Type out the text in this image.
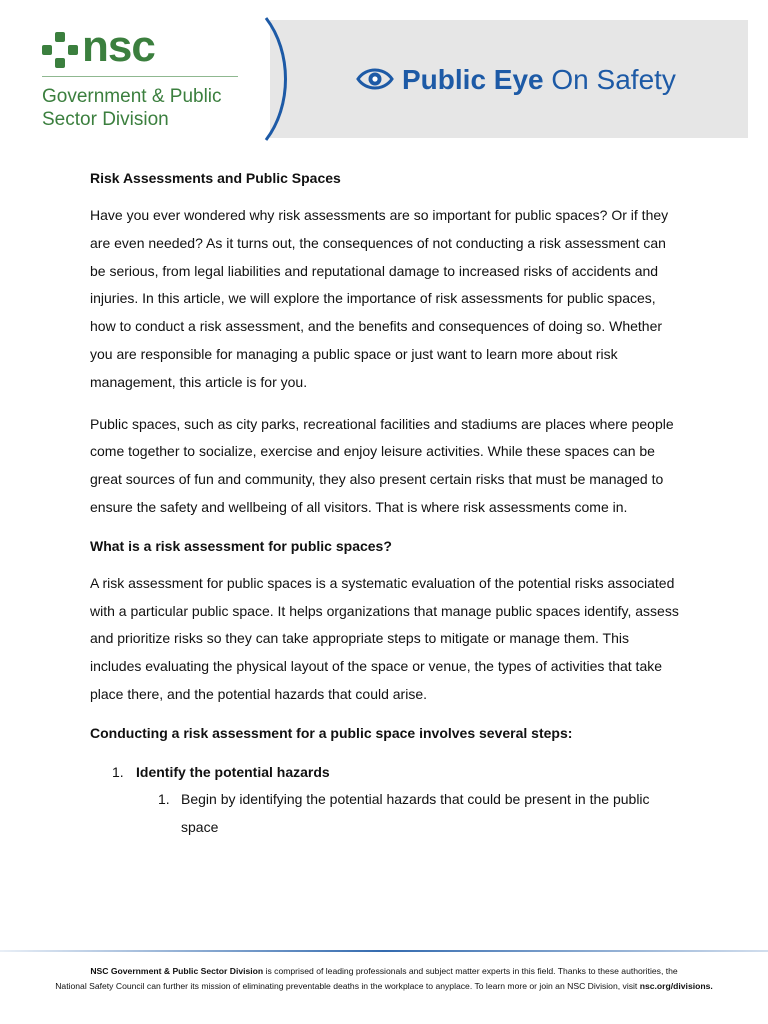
nsc
Government & Public
Sector Division
Public Eye On Safety
Risk Assessments and Public Spaces

Have you ever wondered why risk assessments are so important for public spaces? Or if they are even needed? As it turns out, the consequences of not conducting a risk assessment can be serious, from legal liabilities and reputational damage to increased risks of accidents and injuries. In this article, we will explore the importance of risk assessments for public spaces, how to conduct a risk assessment, and the benefits and consequences of doing so. Whether you are responsible for managing a public space or just want to learn more about risk management, this article is for you.

Public spaces, such as city parks, recreational facilities and stadiums are places where people come together to socialize, exercise and enjoy leisure activities. While these spaces can be great sources of fun and community, they also present certain risks that must be managed to ensure the safety and wellbeing of all visitors. That is where risk assessments come in.

What is a risk assessment for public spaces?

A risk assessment for public spaces is a systematic evaluation of the potential risks associated with a particular public space. It helps organizations that manage public spaces identify, assess and prioritize risks so they can take appropriate steps to mitigate or manage them. This includes evaluating the physical layout of the space or venue, the types of activities that take place there, and the potential hazards that could arise.

Conducting a risk assessment for a public space involves several steps:
1. Identify the potential hazards
1. Begin by identifying the potential hazards that could be present in the public space
NSC Government & Public Sector Division is comprised of leading professionals and subject matter experts in this field. Thanks to these authorities, the
National Safety Council can further its mission of eliminating preventable deaths in the workplace to anyplace. To learn more or join an NSC Division, visit nsc.org/divisions.
